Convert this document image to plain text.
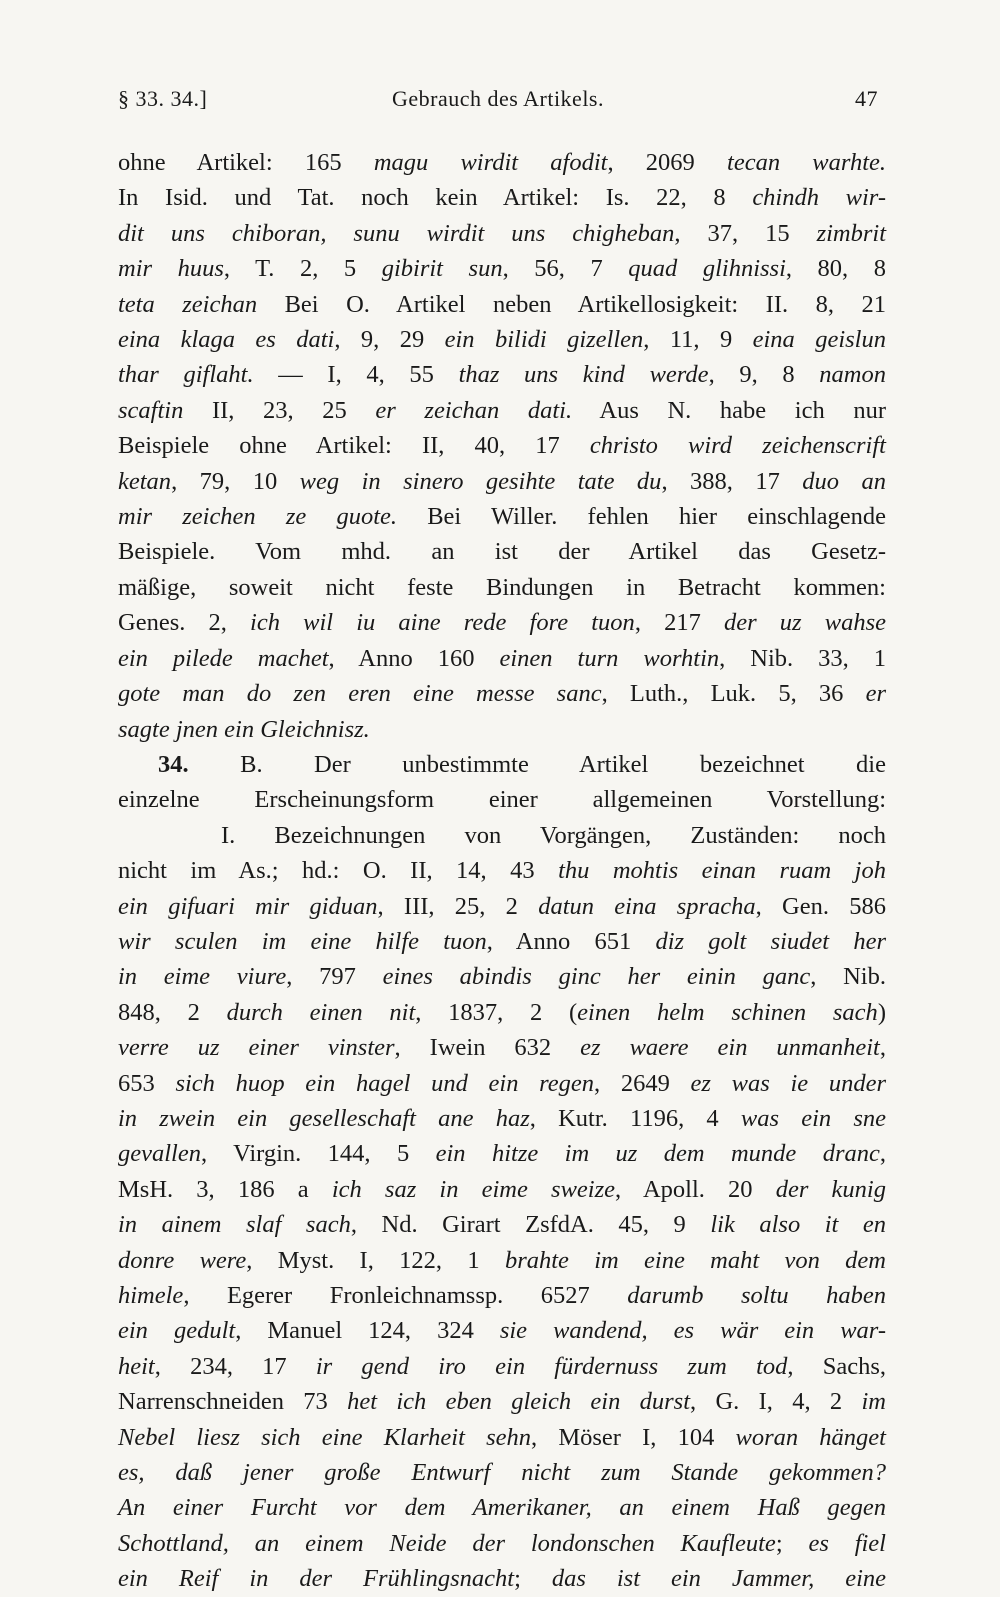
§ 33. 34.]	Gebrauch des Artikels.	47
ohne Artikel: 165 magu wirdit afodit, 2069 tecan warhte.
In Isid. und Tat. noch kein Artikel: Is. 22, 8 chindh wir-
dit uns chiboran, sunu wirdit uns chigheban, 37, 15 zimbrit
mir huus, T. 2, 5 gibirit sun, 56, 7 quad glihnissi, 80, 8
teta zeichan Bei O. Artikel neben Artikellosigkeit: II. 8, 21
eina klaga es dati, 9, 29 ein bilidi gizellen, 11, 9 eina geislun
thar giflaht. — I, 4, 55 thaz uns kind werde, 9, 8 namon
scaftin II, 23, 25 er zeichan dati. Aus N. habe ich nur
Beispiele ohne Artikel: II, 40, 17 christo wird zeichenscrift
ketan, 79, 10 weg in sinero gesihte tate du, 388, 17 duo an
mir zeichen ze guote. Bei Willer. fehlen hier einschlagende
Beispiele. Vom mhd. an ist der Artikel das Gesetz-
mäßige, soweit nicht feste Bindungen in Betracht kommen:
Genes. 2, ich wil iu aine rede fore tuon, 217 der uz wahse
ein pilede machet, Anno 160 einen turn worhtin, Nib. 33, 1
gote man do zen eren eine messe sanc, Luth., Luk. 5, 36 er
sagte jnen ein Gleichnisz.
34. B. Der unbestimmte Artikel bezeichnet die
einzelne Erscheinungsform einer allgemeinen Vorstellung:
I. Bezeichnungen von Vorgängen, Zuständen: noch
nicht im As.; hd.: O. II, 14, 43 thu mohtis einan ruam joh
ein gifuari mir giduan, III, 25, 2 datun eina spracha, Gen. 586
wir sculen im eine hilfe tuon, Anno 651 diz golt siudet her
in eime viure, 797 eines abindis ginc her einin ganc, Nib.
848, 2 durch einen nit, 1837, 2 (einen helm schinen sach)
verre uz einer vinster, Iwein 632 ez waere ein unmanheit,
653 sich huop ein hagel und ein regen, 2649 ez was ie under
in zwein ein geselleschaft ane haz, Kutr. 1196, 4 was ein sne
gevallen, Virgin. 144, 5 ein hitze im uz dem munde dranc,
MsH. 3, 186 a ich saz in eime sweize, Apoll. 20 der kunig
in ainem slaf sach, Nd. Girart ZsfdA. 45, 9 lik also it en
donre were, Myst. I, 122, 1 brahte im eine maht von dem
himele, Egerer Fronleichnamssp. 6527 darumb soltu haben
ein gedult, Manuel 124, 324 sie wandend, es wär ein war-
heit, 234, 17 ir gend iro ein fürdernuss zum tod, Sachs,
Narrenschneiden 73 het ich eben gleich ein durst, G. I, 4, 2 im
Nebel liesz sich eine Klarheit sehn, Möser I, 104 woran hänget
es, daß jener große Entwurf nicht zum Stande gekommen?
An einer Furcht vor dem Amerikaner, an einem Haß gegen
Schottland, an einem Neide der londonschen Kaufleute; es fiel
ein Reif in der Frühlingsnacht; das ist ein Jammer, eine
